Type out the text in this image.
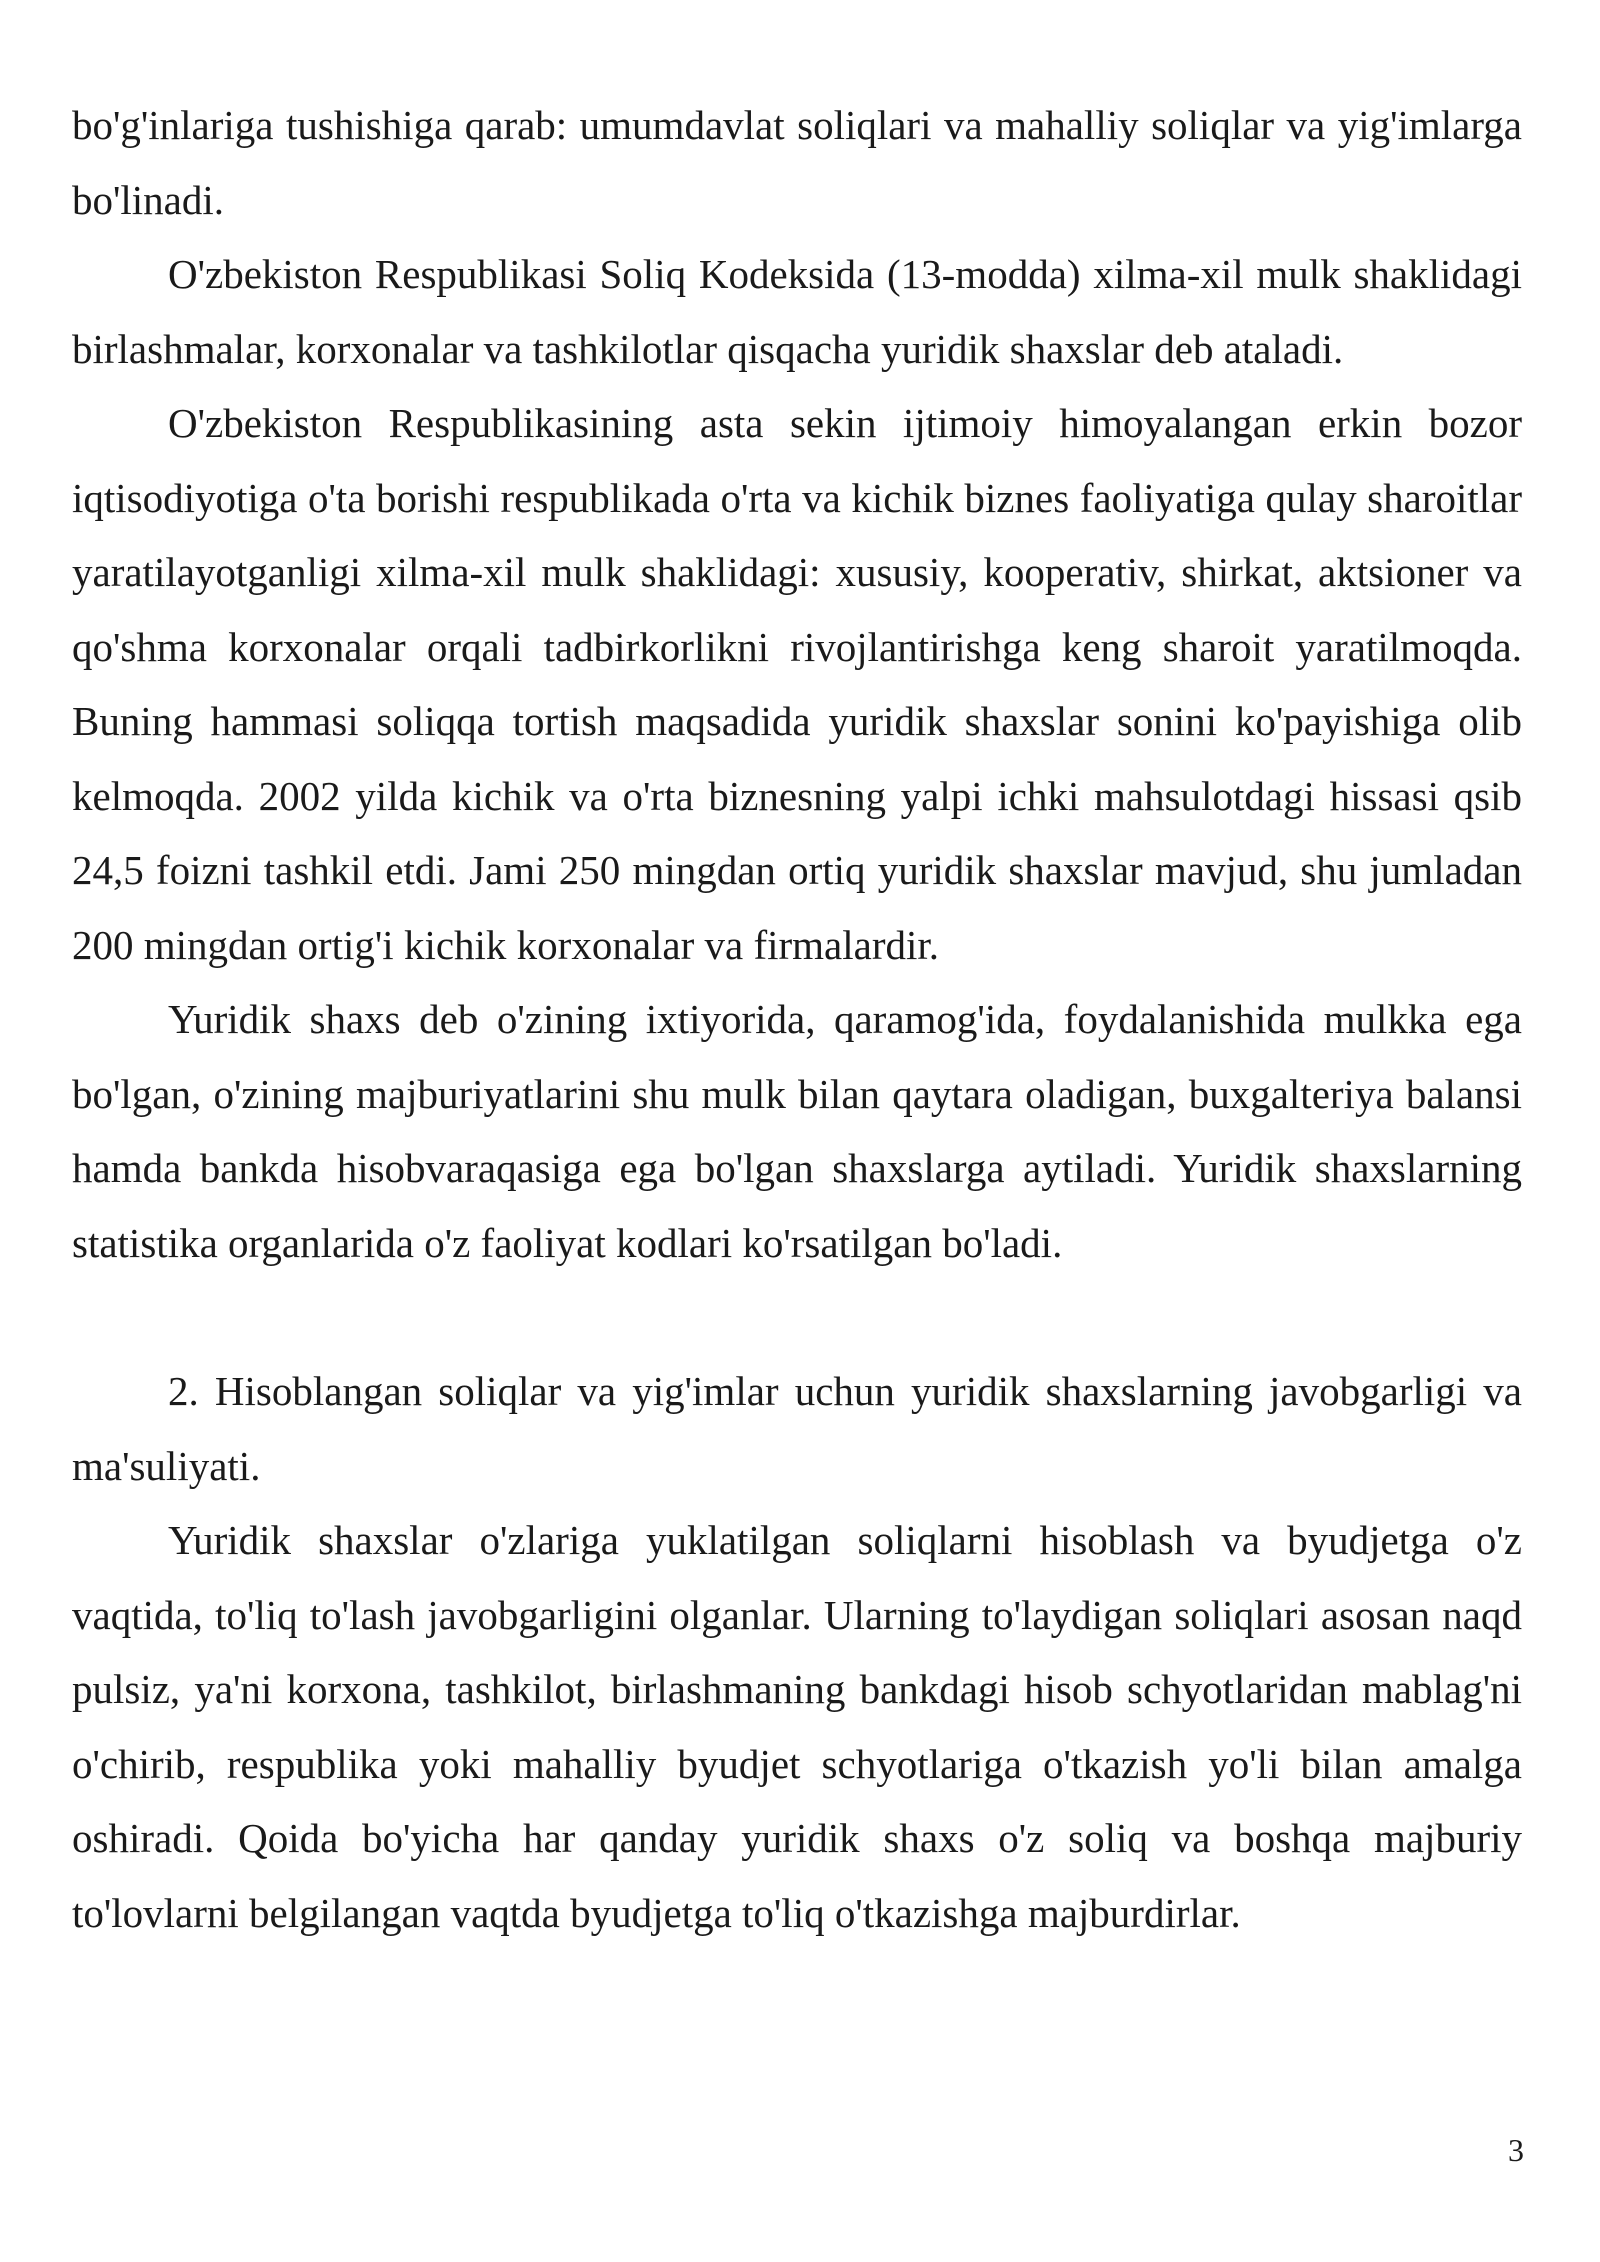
bo'g'inlariga tushishiga qarab: umumdavlat soliqlari va mahalliy soliqlar va yig'imlarga bo'linadi.

O'zbekiston Respublikasi Soliq Kodeksida (13-modda) xilma-xil mulk shaklidagi birlashmalar, korxonalar va tashkilotlar qisqacha yuridik shaxslar deb ataladi.

O'zbekiston Respublikasining asta sekin ijtimoiy himoyalangan erkin bozor iqtisodiyotiga o'ta borishi respublikada o'rta va kichik biznes faoliyatiga qulay sharoitlar yaratilayotganligi xilma-xil mulk shaklidagi: xususiy, kooperativ, shirkat, aktsioner va qo'shma korxonalar orqali tadbirkorlikni rivojlantirishga keng sharoit yaratilmoqda. Buning hammasi soliqqa tortish maqsadida yuridik shaxslar sonini ko'payishiga olib kelmoqda. 2002 yilda kichik va o'rta biznesning yalpi ichki mahsulotdagi hissasi qsib 24,5 foizni tashkil etdi. Jami 250 mingdan ortiq yuridik shaxslar mavjud, shu jumladan 200 mingdan ortig'i kichik korxonalar va firmalardir.

Yuridik shaxs deb o'zining ixtiyorida, qaramog'ida, foydalanishida mulkka ega bo'lgan, o'zining majburiyatlarini shu mulk bilan qaytara oladigan, buxgalteriya balansi hamda bankda hisobvaraqasiga ega bo'lgan shaxslarga aytiladi. Yuridik shaxslarning statistika organlarida o'z faoliyat kodlari ko'rsatilgan bo'ladi.

2. Hisoblangan soliqlar va yig'imlar uchun yuridik shaxslarning javobgarligi va ma'suliyati.

Yuridik shaxslar o'zlariga yuklatilgan soliqlarni hisoblash va byudjetga o'z vaqtida, to'liq to'lash javobgarligini olganlar. Ularning to'laydigan soliqlari asosan naqd pulsiz, ya'ni korxona, tashkilot, birlashmaning bankdagi hisob schyotlaridan mablag'ni o'chirib, respublika yoki mahalliy byudjet schyotlariga o'tkazish yo'li bilan amalga oshiradi. Qoida bo'yicha har qanday yuridik shaxs o'z soliq va boshqa majburiy to'lovlarni belgilangan vaqtda byudjetga to'liq o'tkazishga majburdirlar.

3
